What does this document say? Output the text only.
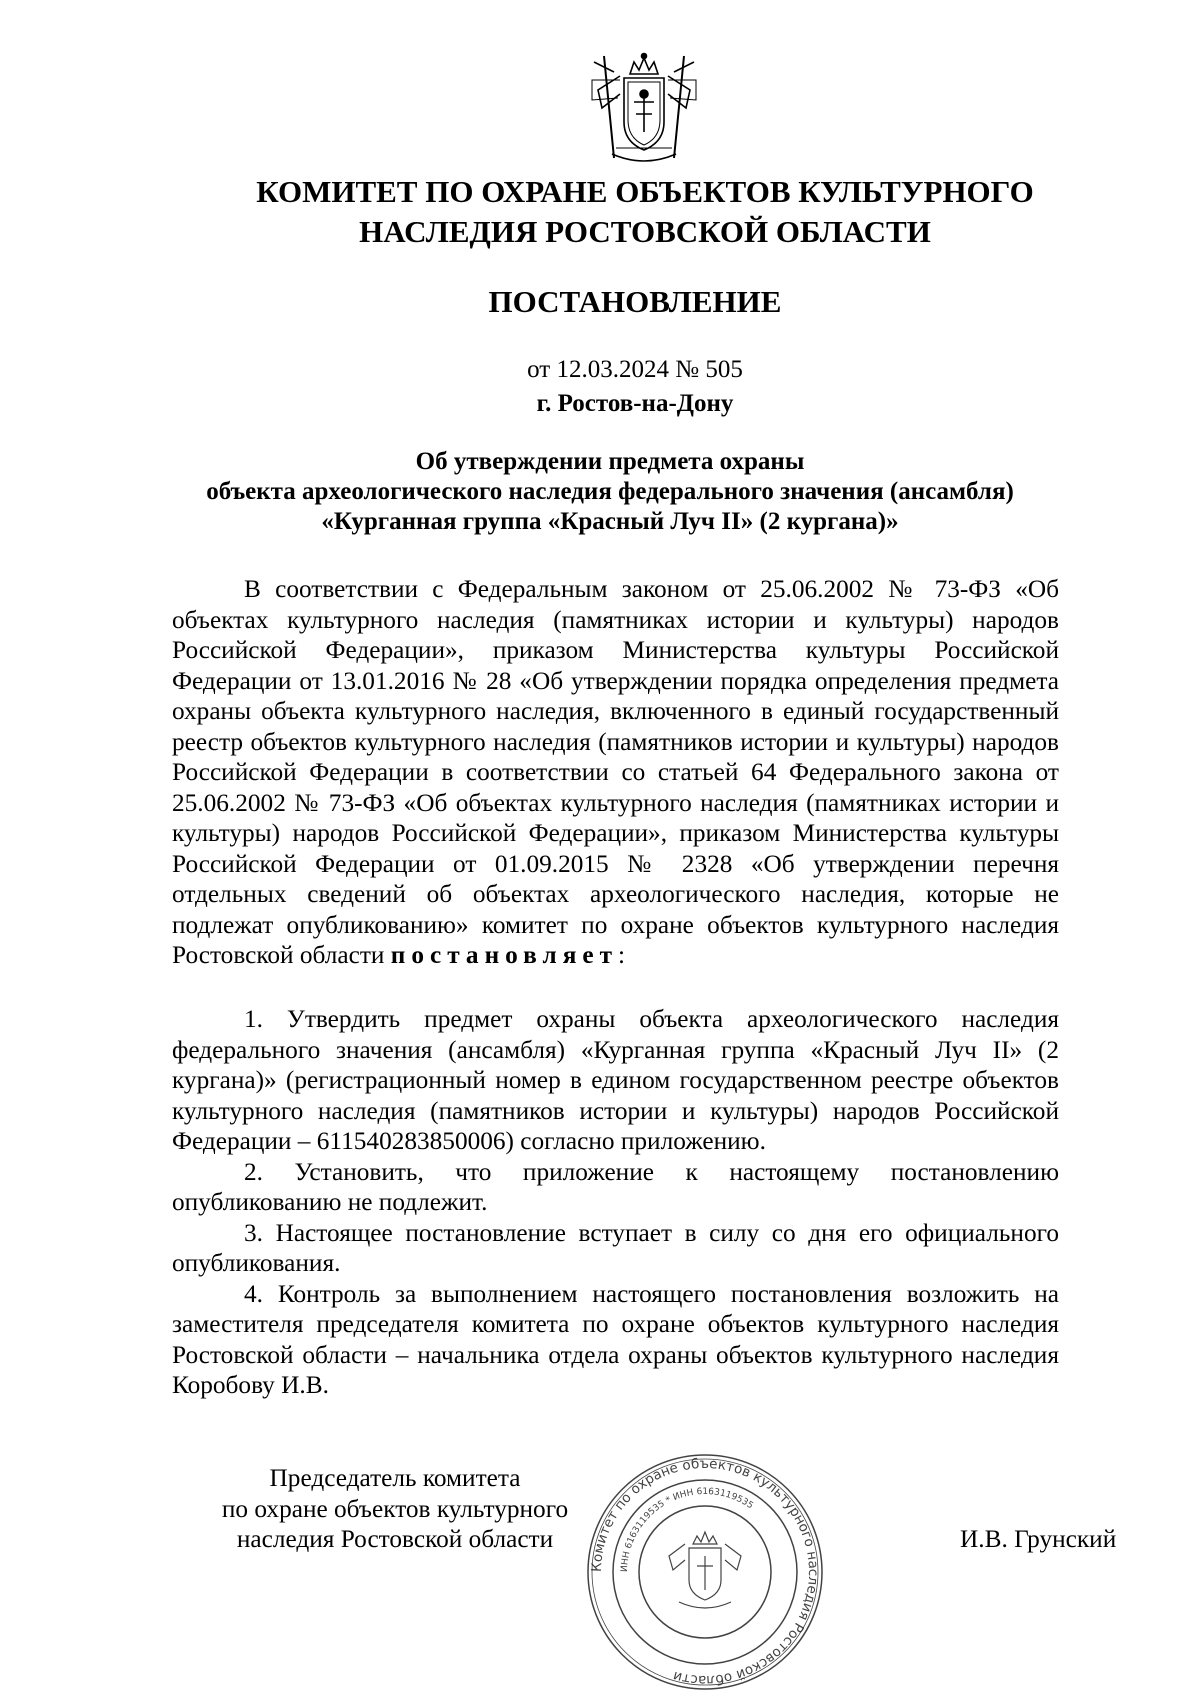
КОМИТЕТ ПО ОХРАНЕ ОБЪЕКТОВ КУЛЬТУРНОГО
НАСЛЕДИЯ РОСТОВСКОЙ ОБЛАСТИ
ПОСТАНОВЛЕНИЕ
от 12.03.2024 № 505
г. Ростов-на-Дону
Об утверждении предмета охраны
объекта археологического наследия федерального значения (ансамбля)
«Курганная группа «Красный Луч II» (2 кургана)»

В соответствии с Федеральным законом от 25.06.2002 № 73-ФЗ «Об объектах культурного наследия (памятниках истории и культуры) народов Российской Федерации», приказом Министерства культуры Российской Федерации от 13.01.2016 № 28 «Об утверждении порядка определения предмета охраны объекта культурного наследия, включенного в единый государственный реестр объектов культурного наследия (памятников истории и культуры) народов Российской Федерации в соответствии со статьей 64 Федерального закона от 25.06.2002 № 73-ФЗ «Об объектах культурного наследия (памятниках истории и культуры) народов Российской Федерации», приказом Министерства культуры Российской Федерации от 01.09.2015 № 2328 «Об утверждении перечня отдельных сведений об объектах археологического наследия, которые не подлежат опубликованию» комитет по охране объектов культурного наследия Ростовской области постановляет:

1. Утвердить предмет охраны объекта археологического наследия федерального значения (ансамбля) «Курганная группа «Красный Луч II» (2 кургана)» (регистрационный номер в едином государственном реестре объектов культурного наследия (памятников истории и культуры) народов Российской Федерации – 611540283850006) согласно приложению.

2. Установить, что приложение к настоящему постановлению опубликованию не подлежит.

3. Настоящее постановление вступает в силу со дня его официального опубликования.

4. Контроль за выполнением настоящего постановления возложить на заместителя председателя комитета по охране объектов культурного наследия Ростовской области – начальника отдела охраны объектов культурного наследия Коробову И.В.

Председатель комитета
по охране объектов культурного
наследия Ростовской области
Комитет по охране объектов культурного наследия Ростовской области
ИНН 6163119535 * ИНН 6163119535
И.В. Грунский
